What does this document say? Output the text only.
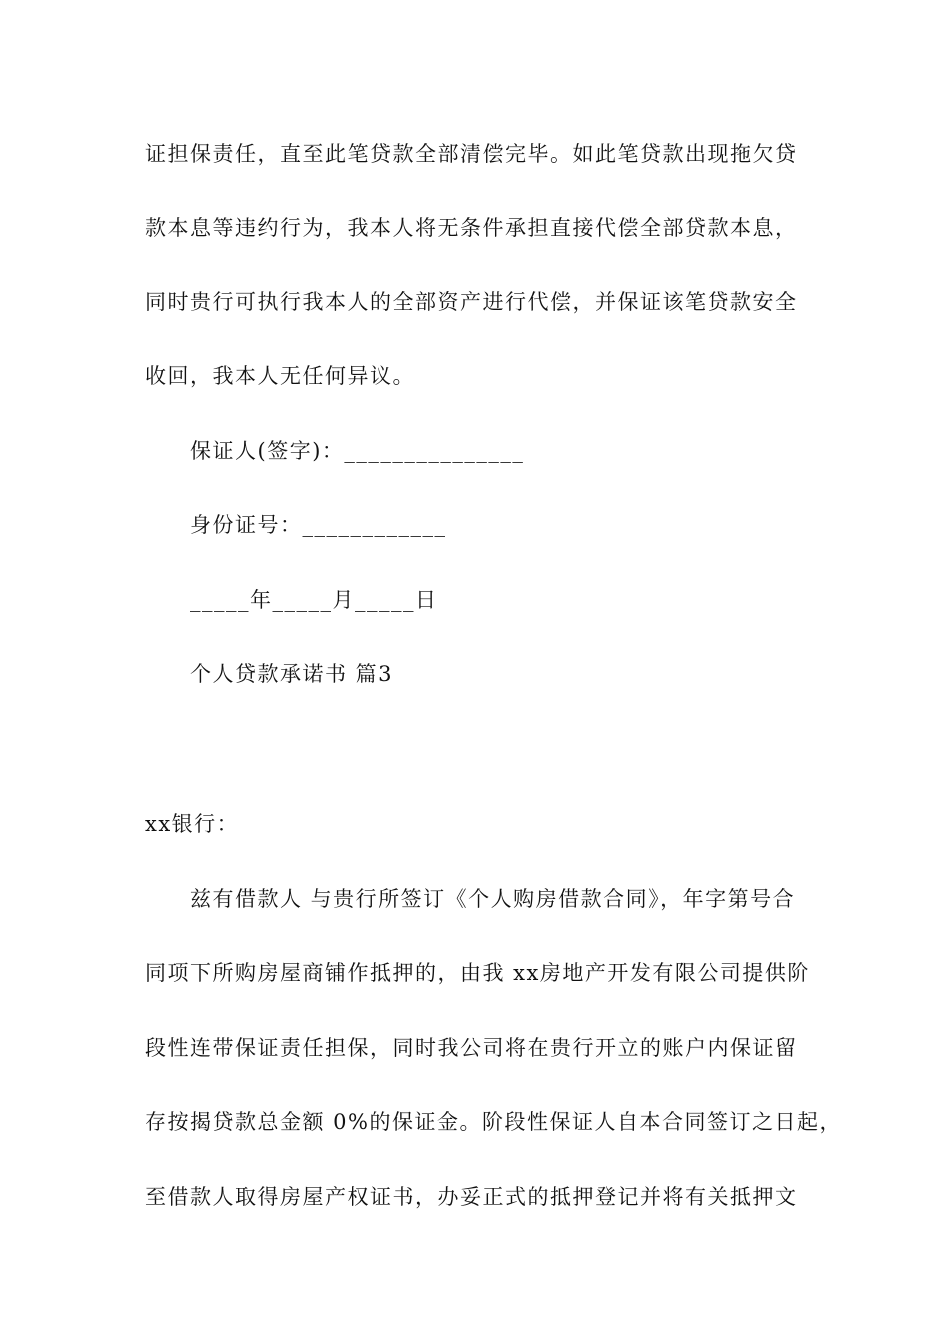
证担保责任，直至此笔贷款全部清偿完毕。如此笔贷款出现拖欠贷
款本息等违约行为，我本人将无条件承担直接代偿全部贷款本息，
同时贵行可执行我本人的全部资产进行代偿，并保证该笔贷款安全
收回，我本人无任何异议。
保证人(签字)：_______________
身份证号：____________
_____年_____月_____日
个人贷款承诺书 篇3
xx银行：
兹有借款人 与贵行所签订《个人购房借款合同》，年字第号合
同项下所购房屋商铺作抵押的，由我 xx房地产开发有限公司提供阶
段性连带保证责任担保，同时我公司将在贵行开立的账户内保证留
存按揭贷款总金额 0%的保证金。阶段性保证人自本合同签订之日起，
至借款人取得房屋产权证书，办妥正式的抵押登记并将有关抵押文
